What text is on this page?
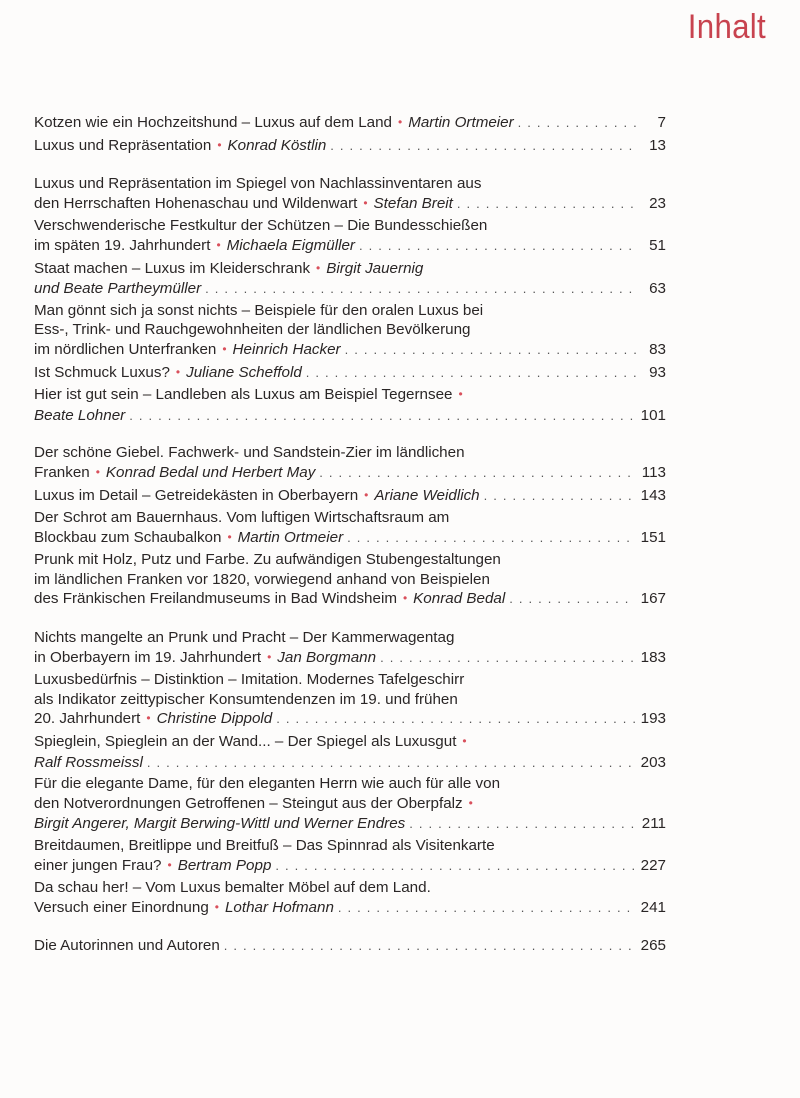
Inhalt
Kotzen wie ein Hochzeitshund – Luxus auf dem Land • Martin Ortmeier . . .	7
Luxus und Repräsentation • Konrad Köstlin . . .	13
Luxus und Repräsentation im Spiegel von Nachlassinventaren aus
den Herrschaften Hohenaschau und Wildenwart • Stefan Breit . . .	23
Verschwenderische Festkultur der Schützen – Die Bundesschießen
im späten 19. Jahrhundert • Michaela Eigmüller . . .	51
Staat machen – Luxus im Kleiderschrank • Birgit Jauernig
und Beate Partheymüller . . .	63
Man gönnt sich ja sonst nichts – Beispiele für den oralen Luxus bei
Ess-, Trink- und Rauchgewohnheiten der ländlichen Bevölkerung
im nördlichen Unterfranken • Heinrich Hacker . . .	83
Ist Schmuck Luxus? • Juliane Scheffold . . .	93
Hier ist gut sein – Landleben als Luxus am Beispiel Tegernsee •
Beate Lohner . . .	101
Der schöne Giebel. Fachwerk- und Sandstein-Zier im ländlichen
Franken • Konrad Bedal und Herbert May . . .	113
Luxus im Detail – Getreidekästen in Oberbayern • Ariane Weidlich . . .	143
Der Schrot am Bauernhaus. Vom luftigen Wirtschaftsraum am
Blockbau zum Schaubalkon • Martin Ortmeier . . .	151
Prunk mit Holz, Putz und Farbe. Zu aufwändigen Stubengestaltungen
im ländlichen Franken vor 1820, vorwiegend anhand von Beispielen
des Fränkischen Freilandmuseums in Bad Windsheim • Konrad Bedal . . .	167
Nichts mangelte an Prunk und Pracht – Der Kammerwagentag
in Oberbayern im 19. Jahrhundert • Jan Borgmann . . .	183
Luxusbedürfnis – Distinktion – Imitation. Modernes Tafelgeschirr
als Indikator zeittypischer Konsumtendenzen im 19. und frühen
20. Jahrhundert • Christine Dippold . . .	193
Spieglein, Spieglein an der Wand... – Der Spiegel als Luxusgut •
Ralf Rossmeissl . . .	203
Für die elegante Dame, für den eleganten Herrn wie auch für alle von
den Notverordnungen Getroffenen – Steingut aus der Oberpfalz •
Birgit Angerer, Margit Berwing-Wittl und Werner Endres . . .	211
Breitdaumen, Breitlippe und Breitfuß – Das Spinnrad als Visitenkarte
einer jungen Frau? • Bertram Popp . . .	227
Da schau her! – Vom Luxus bemalter Möbel auf dem Land.
Versuch einer Einordnung • Lothar Hofmann . . .	241
Die Autorinnen und Autoren . . .	265
